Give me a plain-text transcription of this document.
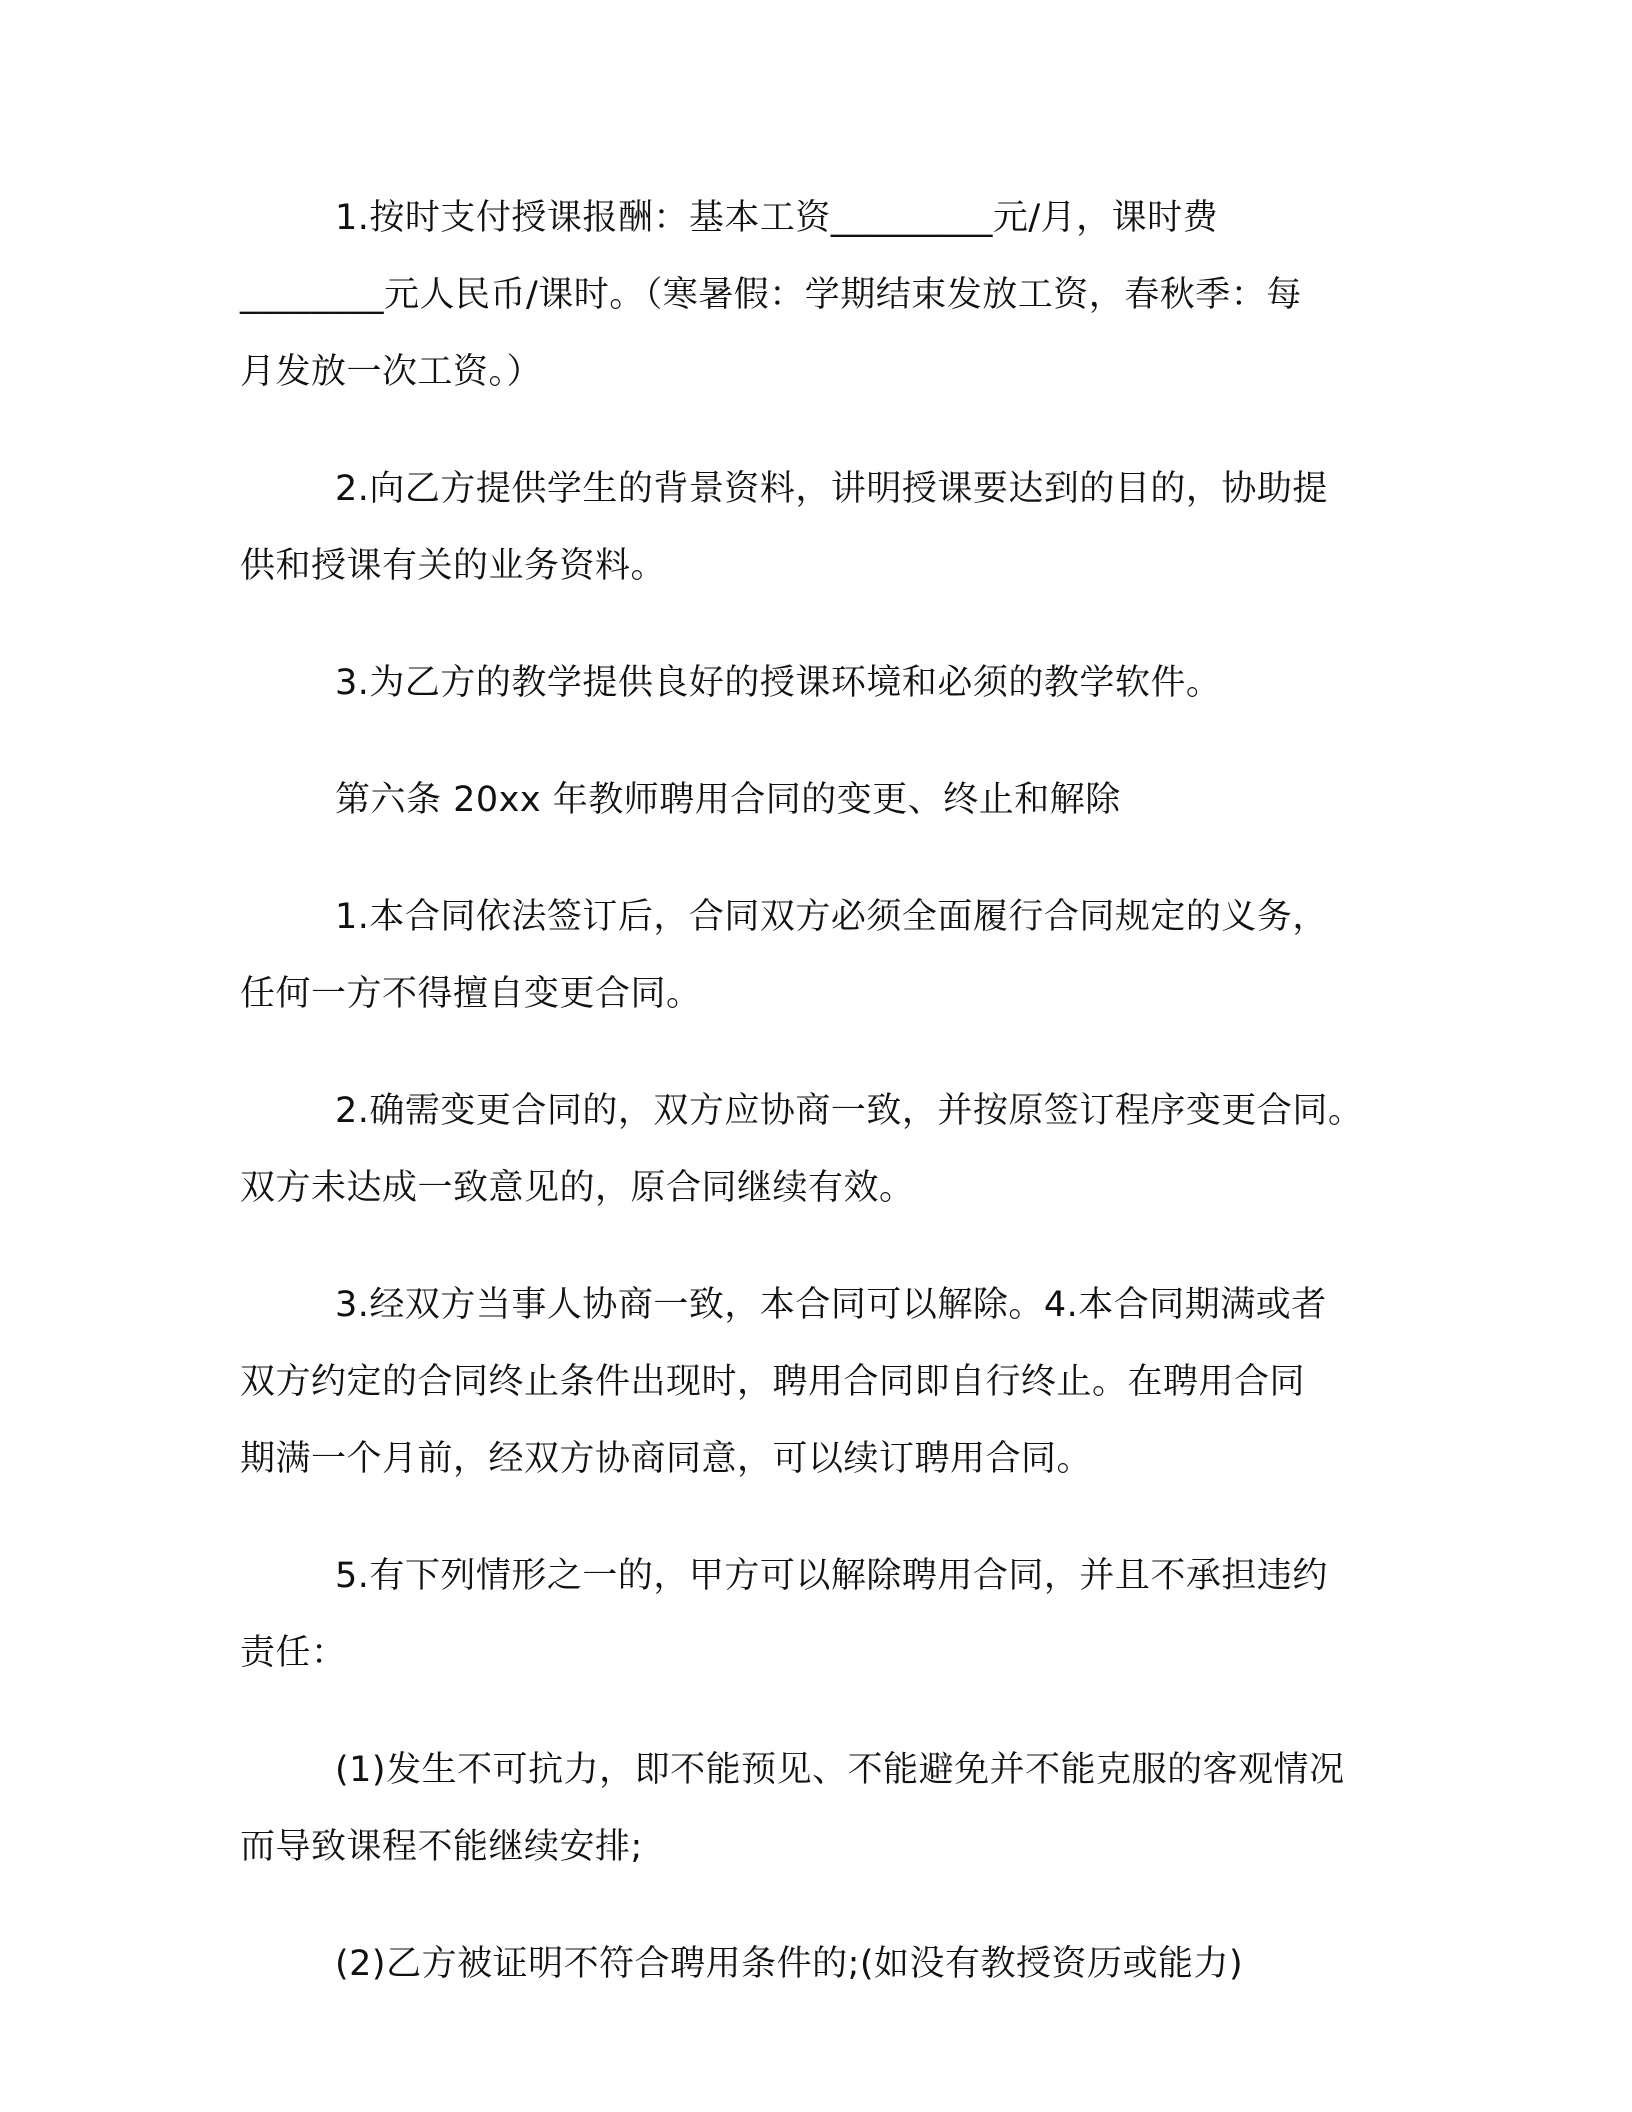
1.按时支付授课报酬：基本工资_________元/月，课时费
________元人民币/课时。（寒暑假：学期结束发放工资，春秋季：每
月发放一次工资。）
2.向乙方提供学生的背景资料，讲明授课要达到的目的，协助提
供和授课有关的业务资料。
3.为乙方的教学提供良好的授课环境和必须的教学软件。
第六条 20xx 年教师聘用合同的变更、终止和解除
1.本合同依法签订后，合同双方必须全面履行合同规定的义务，
任何一方不得擅自变更合同。
2.确需变更合同的，双方应协商一致，并按原签订程序变更合同。
双方未达成一致意见的，原合同继续有效。
3.经双方当事人协商一致，本合同可以解除。4.本合同期满或者
双方约定的合同终止条件出现时，聘用合同即自行终止。在聘用合同
期满一个月前，经双方协商同意，可以续订聘用合同。
5.有下列情形之一的，甲方可以解除聘用合同，并且不承担违约
责任：
(1)发生不可抗力，即不能预见、不能避免并不能克服的客观情况
而导致课程不能继续安排;
(2)乙方被证明不符合聘用条件的;(如没有教授资历或能力)
